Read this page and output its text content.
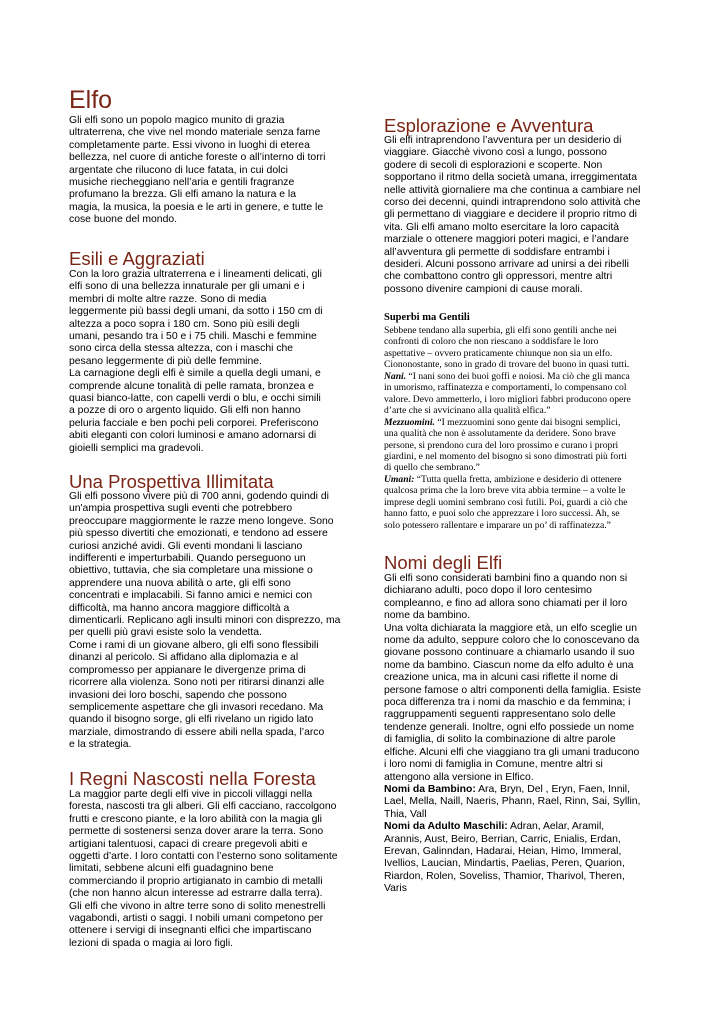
Elfo

Gli elfi sono un popolo magico munito di grazia
ultraterrena, che vive nel mondo materiale senza farne
completamente parte. Essi vivono in luoghi di eterea
bellezza, nel cuore di antiche foreste o all’interno di torri
argentate che rilucono di luce fatata, in cui dolci
musiche riecheggiano nell’aria e gentili fragranze
profumano la brezza. Gli elfi amano la natura e la
magia, la musica, la poesia e le arti in genere, e tutte le
cose buone del mondo.

Esili e Aggraziati

Con la loro grazia ultraterrena e i lineamenti delicati, gli
elfi sono di una bellezza innaturale per gli umani e i
membri di molte altre razze. Sono di media
leggermente più bassi degli umani, da sotto i 150 cm di
altezza a poco sopra i 180 cm. Sono più esili degli
umani, pesando tra i 50 e i 75 chili. Maschi e femmine
sono circa della stessa altezza, con i maschi che
pesano leggermente di più delle femmine.
La carnagione degli elfi è simile a quella degli umani, e
comprende alcune tonalità di pelle ramata, bronzea e
quasi bianco-latte, con capelli verdi o blu, e occhi simili
a pozze di oro o argento liquido. Gli elfi non hanno
peluria facciale e ben pochi peli corporei. Preferiscono
abiti eleganti con colori luminosi e amano adornarsi di
gioielli semplici ma gradevoli.

Una Prospettiva Illimitata

Gli elfi possono vivere più di 700 anni, godendo quindi di
un'ampia prospettiva sugli eventi che potrebbero
preoccupare maggiormente le razze meno longeve. Sono
più spesso divertiti che emozionati, e tendono ad essere
curiosi anziché avidi. Gli eventi mondani li lasciano
indifferenti e imperturbabili. Quando perseguono un
obiettivo, tuttavia, che sia completare una missione o
apprendere una nuova abilità o arte, gli elfi sono
concentrati e implacabili. Si fanno amici e nemici con
difficoltà, ma hanno ancora maggiore difficoltà a
dimenticarli. Replicano agli insulti minori con disprezzo, ma
per quelli più gravi esiste solo la vendetta.
Come i rami di un giovane albero, gli elfi sono flessibili
dinanzi al pericolo. Si affidano alla diplomazia e al
compromesso per appianare le divergenze prima di
ricorrere alla violenza. Sono noti per ritirarsi dinanzi alle
invasioni dei loro boschi, sapendo che possono
semplicemente aspettare che gli invasori recedano. Ma
quando il bisogno sorge, gli elfi rivelano un rigido lato
marziale, dimostrando di essere abili nella spada, l’arco
e la strategia.

I Regni Nascosti nella Foresta

La maggior parte degli elfi vive in piccoli villaggi nella
foresta, nascosti tra gli alberi. Gli elfi cacciano, raccolgono
frutti e crescono piante, e la loro abilità con la magia gli
permette di sostenersi senza dover arare la terra. Sono
artigiani talentuosi, capaci di creare pregevoli abiti e
oggetti d’arte. I loro contatti con l’esterno sono solitamente
limitati, sebbene alcuni elfi guadagnino bene
commerciando il proprio artigianato in cambio di metalli
(che non hanno alcun interesse ad estrarre dalla terra).
Gli elfi che vivono in altre terre sono di solito menestrelli
vagabondi, artisti o saggi. I nobili umani competono per
ottenere i servigi di insegnanti elfici che impartiscano
lezioni di spada o magia ai loro figli.

Esplorazione e Avventura

Gli elfi intraprendono l’avventura per un desiderio di
viaggiare. Giacchè vivono così a lungo, possono
godere di secoli di esplorazioni e scoperte. Non
sopportano il ritmo della società umana, irreggimentata
nelle attività giornaliere ma che continua a cambiare nel
corso dei decenni, quindi intraprendono solo attività che
gli permettano di viaggiare e decidere il proprio ritmo di
vita. Gli elfi amano molto esercitare la loro capacità
marziale o ottenere maggiori poteri magici, e l’andare
all’avventura gli permette di soddisfare entrambi i
desideri. Alcuni possono arrivare ad unirsi a dei ribelli
che combattono contro gli oppressori, mentre altri
possono divenire campioni di cause morali.

Superbi ma Gentili

Sebbene tendano alla superbia, gli elfi sono gentili anche nei
confronti di coloro che non riescano a soddisfare le loro
aspettative – ovvero praticamente chiunque non sia un elfo.
Ciononostante, sono in grado di trovare del buono in quasi tutti.
Nani. “I nani sono dei buoi goffi e noiosi. Ma ciò che gli manca
in umorismo, raffinatezza e comportamenti, lo compensano col
valore. Devo ammetterlo, i loro migliori fabbri producono opere
d’arte che si avvicinano alla qualità elfica.”
Mezzuomini. “I mezzuomini sono gente dai bisogni semplici,
una qualità che non è assolutamente da deridere. Sono brave
persone, si prendono cura del loro prossimo e curano i propri
giardini, e nel momento del bisogno si sono dimostrati più forti
di quello che sembrano.”
Umani: “Tutta quella fretta, ambizione e desiderio di ottenere
qualcosa prima che la loro breve vita abbia termine – a volte le
imprese degli uomini sembrano così futili. Poi, guardi a ciò che
hanno fatto, e puoi solo che apprezzare i loro successi. Ah, se
solo potessero rallentare e imparare un po’ di raffinatezza.”

Nomi degli Elfi

Gli elfi sono considerati bambini fino a quando non si
dichiarano adulti, poco dopo il loro centesimo
compleanno, e fino ad allora sono chiamati per il loro
nome da bambino.
Una volta dichiarata la maggiore età, un elfo sceglie un
nome da adulto, seppure coloro che lo conoscevano da
giovane possono continuare a chiamarlo usando il suo
nome da bambino. Ciascun nome da elfo adulto è una
creazione unica, ma in alcuni casi riflette il nome di
persone famose o altri componenti della famiglia. Esiste
poca differenza tra i nomi da maschio e da femmina; i
raggruppamenti seguenti rappresentano solo delle
tendenze generali. Inoltre, ogni elfo possiede un nome
di famiglia, di solito la combinazione di altre parole
elfiche. Alcuni elfi che viaggiano tra gli umani traducono
i loro nomi di famiglia in Comune, mentre altri si
attengono alla versione in Elfico.
Nomi da Bambino: Ara, Bryn, Del , Eryn, Faen, Innil,
Lael, Mella, Naill, Naeris, Phann, Rael, Rinn, Sai, Syllin,
Thia, Vall
Nomi da Adulto Maschili: Adran, Aelar, Aramil,
Arannis, Aust, Beiro, Berrian, Carric, Enialis, Erdan,
Erevan, Galinndan, Hadarai, Heian, Himo, Immeral,
Ivellios, Laucian, Mindartis, Paelias, Peren, Quarion,
Riardon, Rolen, Soveliss, Thamior, Tharivol, Theren,
Varis
